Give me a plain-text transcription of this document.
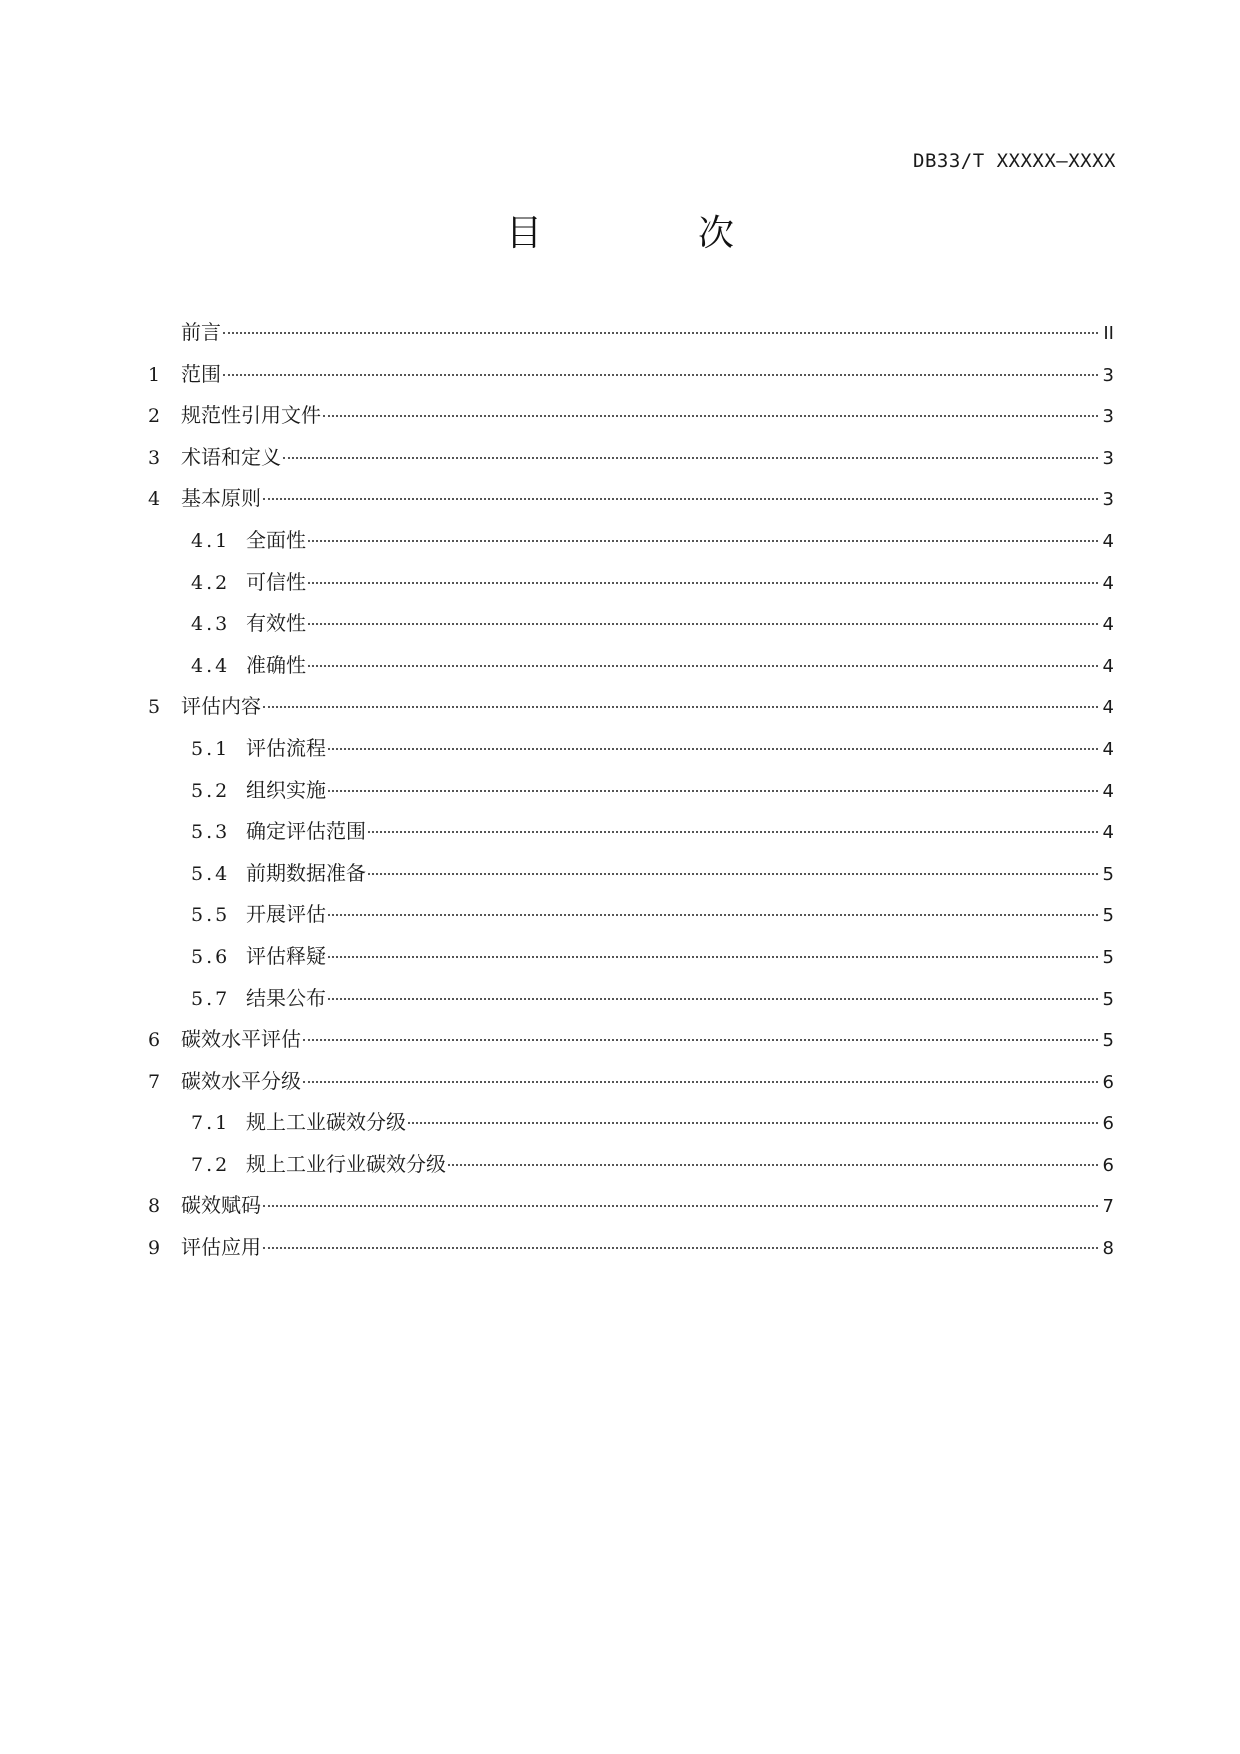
DB33/T XXXXX—XXXX
目　次
前言	II
1	范围	3
2	规范性引用文件	3
3	术语和定义	3
4	基本原则	3
4.1 全面性	4
4.2 可信性	4
4.3 有效性	4
4.4 准确性	4
5	评估内容	4
5.1 评估流程	4
5.2 组织实施	4
5.3 确定评估范围	4
5.4 前期数据准备	5
5.5 开展评估	5
5.6 评估释疑	5
5.7 结果公布	5
6	碳效水平评估	5
7	碳效水平分级	6
7.1 规上工业碳效分级	6
7.2 规上工业行业碳效分级	6
8	碳效赋码	7
9	评估应用	8
